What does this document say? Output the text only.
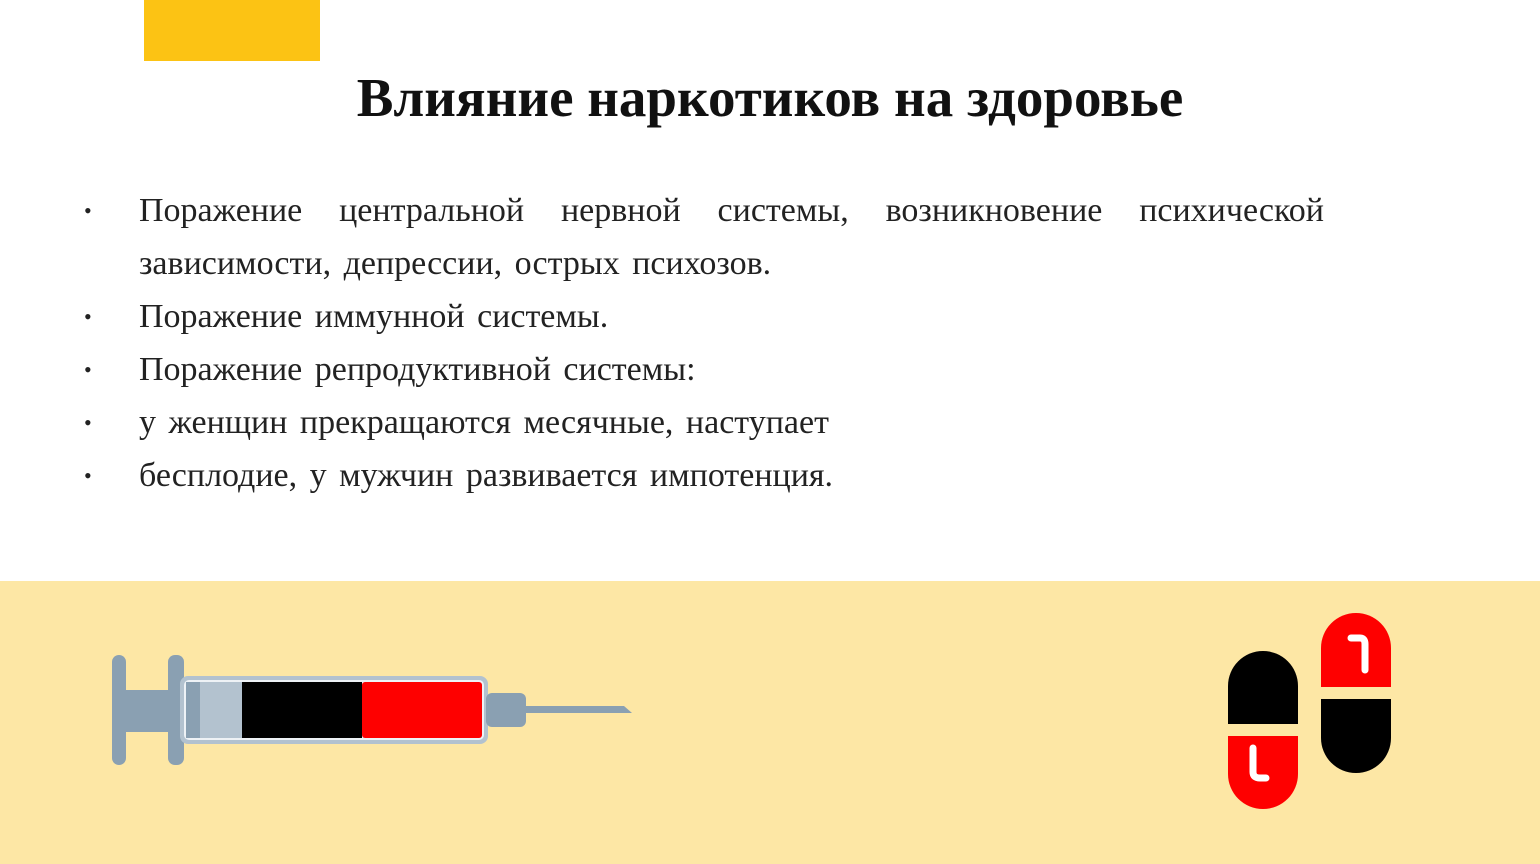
Влияние наркотиков на здоровье
• Поражение центральной нервной системы, возникновение психической зависимости, депрессии, острых психозов.
• Поражение иммунной системы.
• Поражение репродуктивной системы:
• у женщин прекращаются месячные, наступает
• бесплодие, у мужчин развивается импотенция.
